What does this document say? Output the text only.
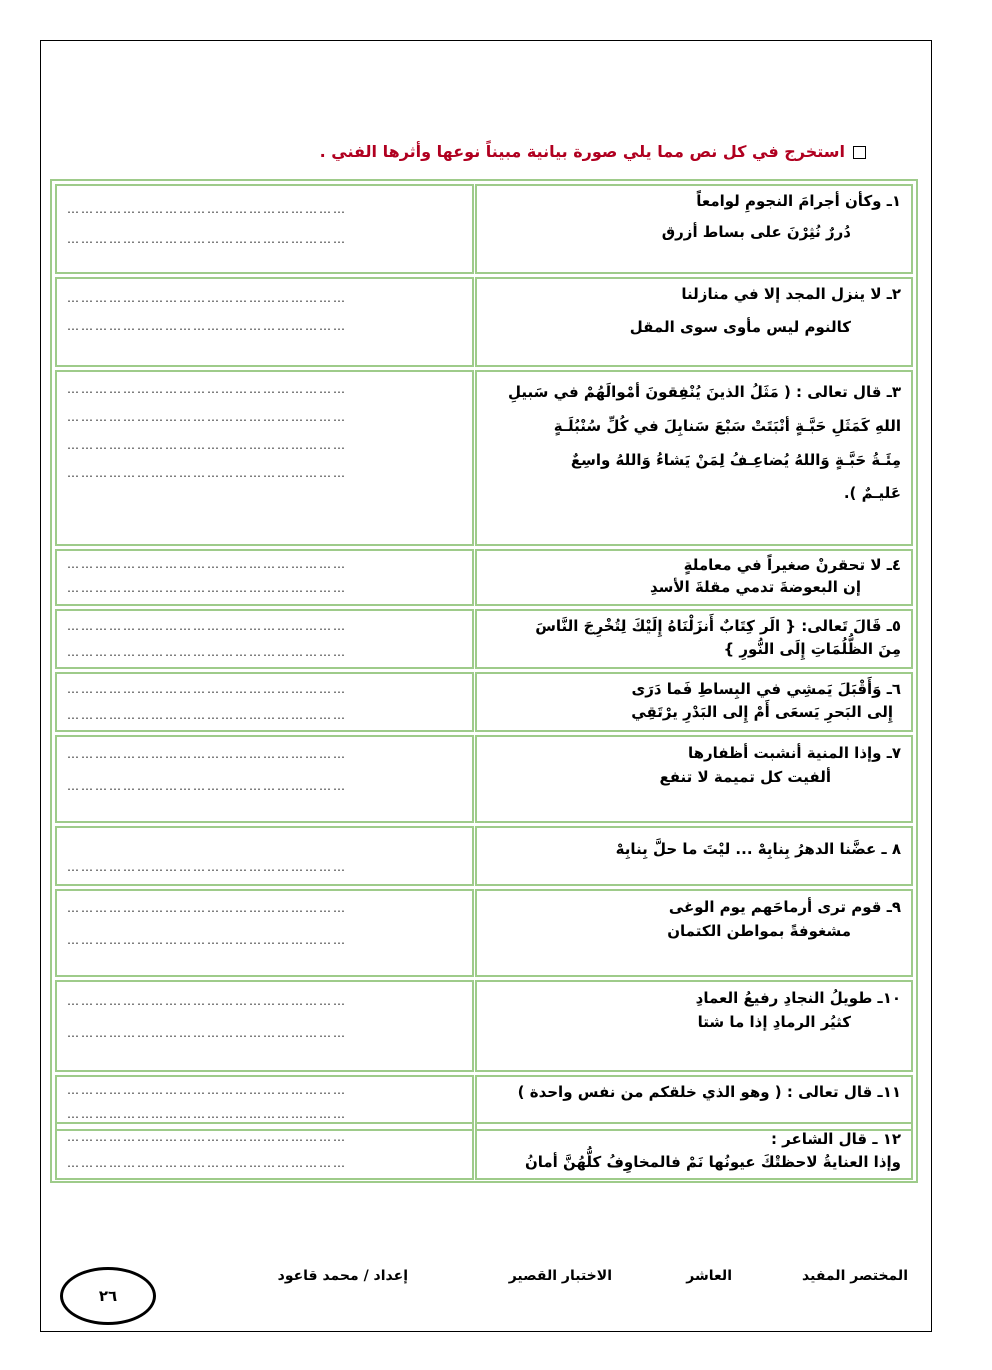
استخرج في كل نص مما يلي صورة بيانية مبيناً نوعها وأثرها الفني .
١ـ وكأن أجرامَ النجومِ لوامعاً
دُررٌ نُثِرْنَ على بساط أزرق
……………………………………………………
……………………………………………………
٢ـ لا ينزل المجد إلا في منازلنا
كالنوم ليس مأوى سوى المقل
……………………………………………………
……………………………………………………
٣ـ قال تعالى : ( مَثَلُ الذينَ يُنْفِقونَ أمْوالَهُمْ في سَبيلِ
اللهِ كَمَثَلِ حَبَّـةٍ أنْبَتَتْ سَبْعَ سَنابِلَ في كُلِّ سُنْبُلَـةٍ
مِئَـةُ حَبَّـةٍ وَاللهُ يُضاعِـفُ لِمَنْ يَشاءُ وَاللهُ واسِعٌ
عَليـمٌ ).
……………………………………………………
……………………………………………………
……………………………………………………
……………………………………………………
٤ـ لا تحقرنْ صغيراً في معاملةٍ
إن البعوضةَ تدمي مقلةَ الأسدِ
……………………………………………………
……………………………………………………
٥ـ قَالَ تَعالى: { الَر كِتَابٌ أَنزَلْنَاهُ إِلَيْكَ لِتُخْرِجَ النَّاسَ
مِنَ الظُّلُمَاتِ إِلَى النُّورِ }
……………………………………………………
……………………………………………………
٦ـ وَأَقْبَلَ يَمشِي في البِساطِ فَما دَرَى
إِلى البَحرِ يَسعَى أَمْ إِلى البَدْرِ يرْتَقِي
……………………………………………………
……………………………………………………
٧ـ وإذا المنية أنشبت أظفارها
ألفيت كل تميمة لا تنفع
……………………………………………………
……………………………………………………
٨ ـ عضَّنا الدهرُ بِنابِهْ ... ليْتَ ما حلَّ بِنابِهْ
……………………………………………………
٩ـ قوم ترى أرماحَهم يوم الوغى
مشغوفةً بمواطن الكتمان
……………………………………………………
……………………………………………………
١٠ـ طويلُ النجادِ رفيعُ العمادِ
كثيُر الرمادِ إذا ما شتا
……………………………………………………
……………………………………………………
١١ـ قال تعالى : ( وهو الذي خلقكم من نفس واحدة )
……………………………………………………
……………………………………………………
١٢ ـ قال الشاعر :
وإذا العنايةُ لاحظتْكَ عيونُها نَمْ فالمخاوِفُ كلُّهُنَّ أمانُ
……………………………………………………
……………………………………………………
المختصر المفيد
العاشر
الاختبار القصير
إعداد / محمد قاعود
٢٦
